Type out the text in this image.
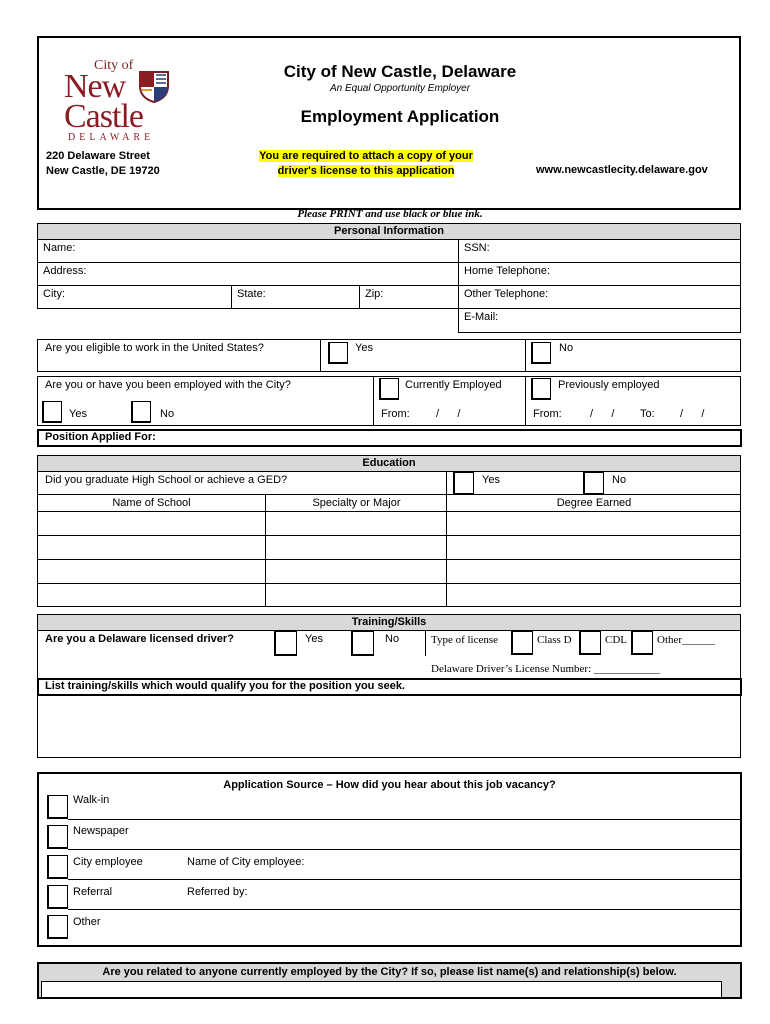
City of
New
Castle
DELAWARE
City of New Castle, Delaware
An Equal Opportunity Employer
Employment Application
220 Delaware Street
New Castle, DE 19720
You are required to attach a copy of your
driver's license to this application	www.newcastlecity.delaware.gov
Please PRINT and use black or blue ink.
Personal Information
Name:	SSN:
Address:	Home Telephone:
City:	State:	Zip:	Other Telephone:
E-Mail:
Are you eligible to work in the United States?	Yes	No
Are you or have you been employed with the City?	Currently Employed	Previously employed
Yes	No	From: /      /	From:	/      / To: /      /
Position Applied For:
Education
Did you graduate High School or achieve a GED?	Yes	No
Name of School	Specialty or Major	Degree Earned
Training/Skills
Are you a Delaware licensed driver?	Yes	No	Type of license	Class D	CDL	Other______
Delaware Driver’s License Number: ____________
List training/skills which would qualify you for the position you seek.
Application Source – How did you hear about this job vacancy?
Walk-in
Newspaper
City employee	Name of City employee:
Referral	Referred by:
Other
Are you related to anyone currently employed by the City? If so, please list name(s) and relationship(s) below.
